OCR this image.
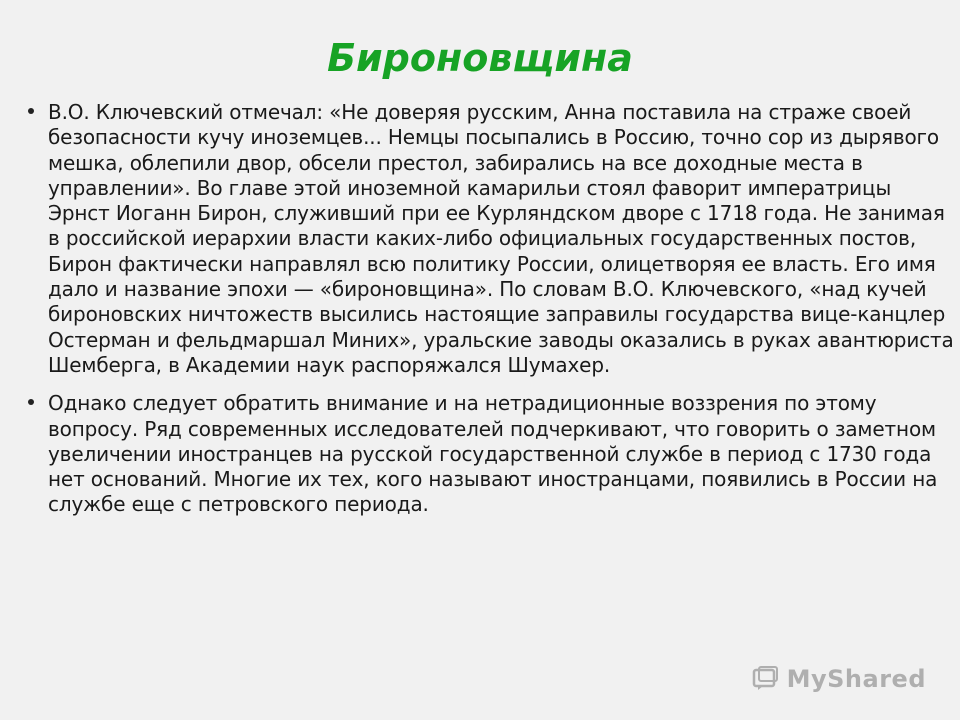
Бироновщина
В.О. Ключевский отмечал: «Не доверяя русским, Анна поставила на страже своей безопасности кучу иноземцев... Немцы посыпались в Россию, точно сор из дырявого мешка, облепили двор, обсели престол, забирались на все доходные места в управлении». Во главе этой иноземной камарильи стоял фаворит императрицы Эрнст Иоганн Бирон, служивший при ее Курляндском дворе с 1718 года. Не занимая в российской иерархии власти каких-либо официальных государственных постов, Бирон фактически направлял всю политику России, олицетворяя ее власть. Его имя дало и название эпохи — «бироновщина». По словам В.О. Ключевского, «над кучей бироновских ничтожеств высились настоящие заправилы государства вице-канцлер Остерман и фельдмаршал Миних», уральские заводы оказались в руках авантюриста Шемберга, в Академии наук распоряжался Шумахер.
Однако следует обратить внимание и на нетрадиционные воззрения по этому вопросу. Ряд современных исследователей подчеркивают, что говорить о заметном увеличении иностранцев на русской государственной службе в период с 1730 года нет оснований. Многие их тех, кого называют иностранцами, появились в России на службе еще с петровского периода.
MyShared
